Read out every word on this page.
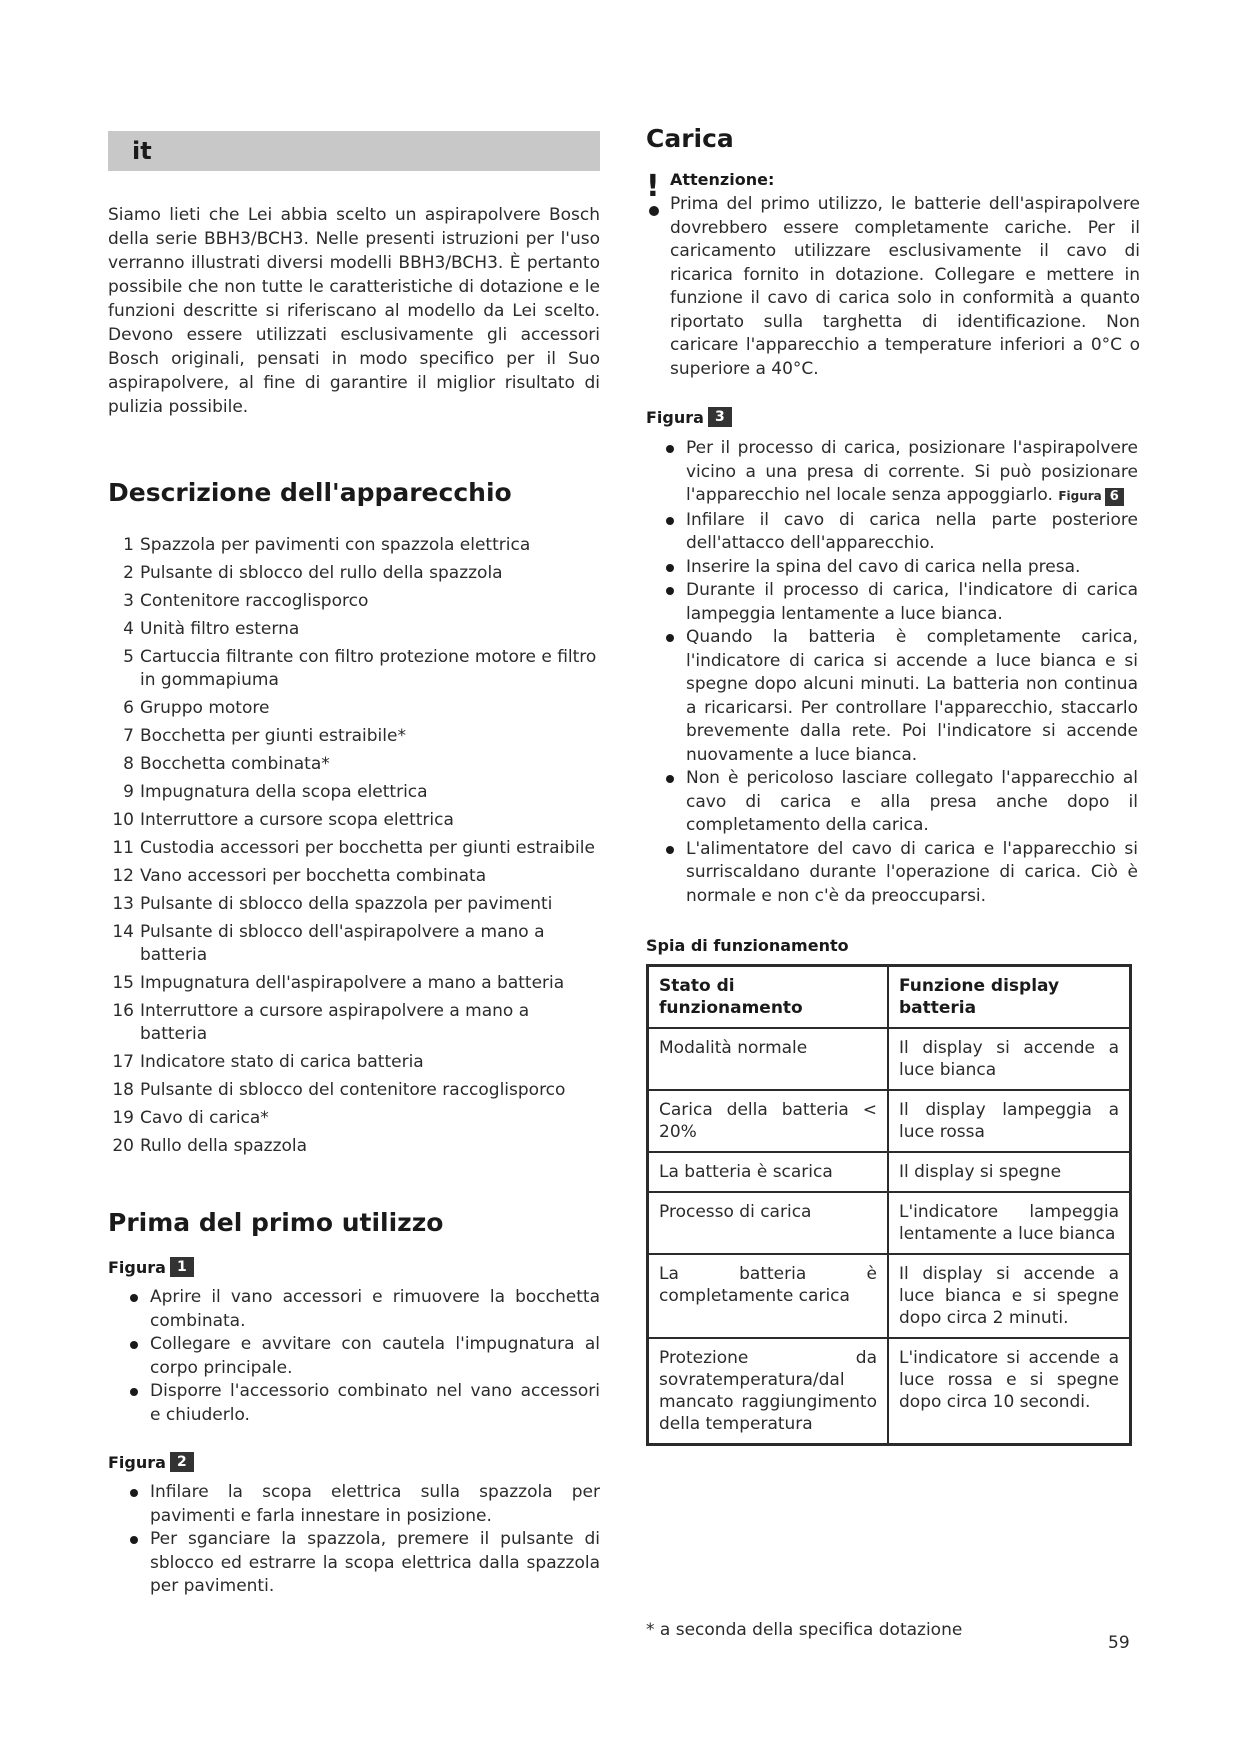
it

Siamo lieti che Lei abbia scelto un aspirapolvere Bosch della serie BBH3/BCH3. Nelle presenti istruzioni per l'uso verranno illustrati diversi modelli BBH3/BCH3. È pertanto possibile che non tutte le caratteristiche di dotazione e le funzioni descritte si riferiscano al modello da Lei scelto. Devono essere utilizzati esclusivamente gli accessori Bosch originali, pensati in modo specifico per il Suo aspirapolvere, al fine di garantire il miglior risultato di pulizia possibile.

Descrizione dell'apparecchio
1 Spazzola per pavimenti con spazzola elettrica
2 Pulsante di sblocco del rullo della spazzola
3 Contenitore raccoglisporco
4 Unità filtro esterna
5 Cartuccia filtrante con filtro protezione motore e filtro in gommapiuma
6 Gruppo motore
7 Bocchetta per giunti estraibile*
8 Bocchetta combinata*
9 Impugnatura della scopa elettrica
10 Interruttore a cursore scopa elettrica
11 Custodia accessori per bocchetta per giunti estraibile
12 Vano accessori per bocchetta combinata
13 Pulsante di sblocco della spazzola per pavimenti
14 Pulsante di sblocco dell'aspirapolvere a mano a batteria
15 Impugnatura dell'aspirapolvere a mano a batteria
16 Interruttore a cursore aspirapolvere a mano a batteria
17 Indicatore stato di carica batteria
18 Pulsante di sblocco del contenitore raccoglisporco
19 Cavo di carica*
20 Rullo della spazzola
Prima del primo utilizzo
Figura 1
Aprire il vano accessori e rimuovere la bocchetta combinata.
Collegare e avvitare con cautela l'impugnatura al corpo principale.
Disporre l'accessorio combinato nel vano accessori e chiuderlo.
Figura 2
Infilare la scopa elettrica sulla spazzola per pavimenti e farla innestare in posizione.
Per sganciare la spazzola, premere il pulsante di sblocco ed estrarre la scopa elettrica dalla spazzola per pavimenti.
Carica
! Attenzione:

Prima del primo utilizzo, le batterie dell'aspirapolvere dovrebbero essere completamente cariche. Per il caricamento utilizzare esclusivamente il cavo di ricarica fornito in dotazione. Collegare e mettere in funzione il cavo di carica solo in conformità a quanto riportato sulla targhetta di identificazione. Non caricare l'apparecchio a temperature inferiori a 0°C o superiore a 40°C.

Figura 3
Per il processo di carica, posizionare l'aspirapolvere vicino a una presa di corrente. Si può posizionare l'apparecchio nel locale senza appoggiarlo. Figura 6
Infilare il cavo di carica nella parte posteriore dell'attacco dell'apparecchio.
Inserire la spina del cavo di carica nella presa.
Durante il processo di carica, l'indicatore di carica lampeggia lentamente a luce bianca.
Quando la batteria è completamente carica, l'indicatore di carica si accende a luce bianca e si spegne dopo alcuni minuti. La batteria non continua a ricaricarsi. Per controllare l'apparecchio, staccarlo brevemente dalla rete. Poi l'indicatore si accende nuovamente a luce bianca.
Non è pericoloso lasciare collegato l'apparecchio al cavo di carica e alla presa anche dopo il completamento della carica.
L'alimentatore del cavo di carica e l'apparecchio si surriscaldano durante l'operazione di carica. Ciò è normale e non c'è da preoccuparsi.
Spia di funzionamento
Stato di funzionamento	Funzione display batteria
Modalità normale	Il display si accende a luce bianca
Carica della batteria < 20%	Il display lampeggia a luce rossa
La batteria è scarica	Il display si spegne
Processo di carica	L'indicatore lampeggia lentamente a luce bianca
La batteria è completamente carica	Il display si accende a luce bianca e si spegne dopo circa 2 minuti.
Protezione da sovratemperatura/dal mancato raggiungimento della temperatura	L'indicatore si accende a luce rossa e si spegne dopo circa 10 secondi.
* a seconda della specifica dotazione
59
